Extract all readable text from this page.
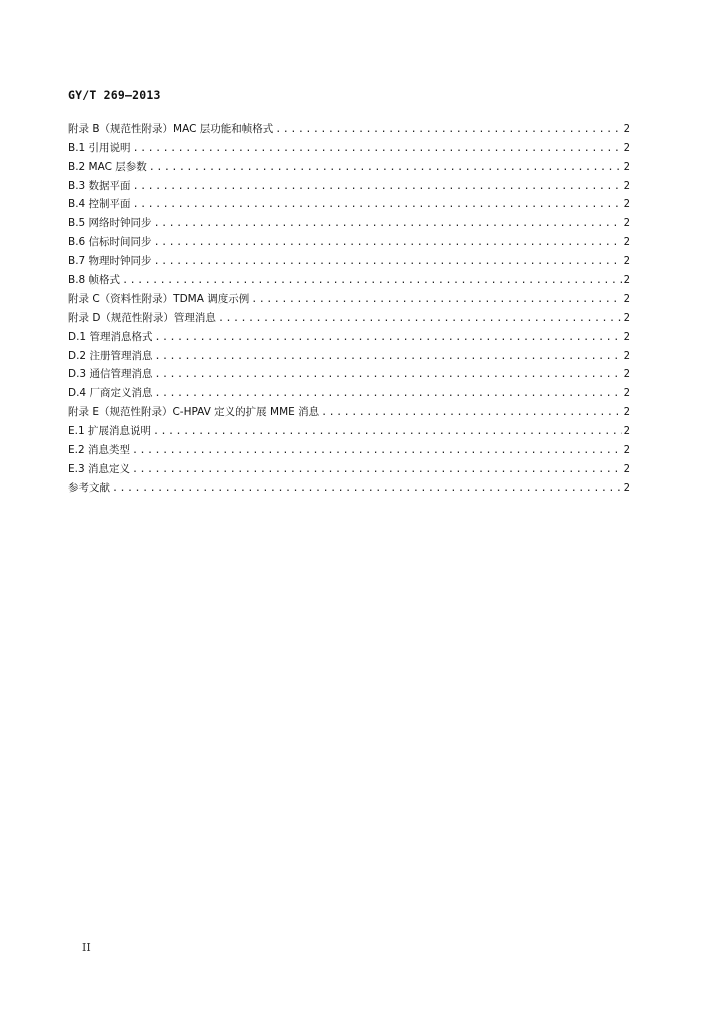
GY/T 269—2013
附录 B（规范性附录）MAC 层功能和帧格式 .....	2
B.1 引用说明 .....	2
B.2 MAC 层参数 .....	2
B.3 数据平面 .....	2
B.4 控制平面 .....	2
B.5 网络时钟同步 .....	2
B.6 信标时间同步 .....	2
B.7 物理时钟同步 .....	2
B.8 帧格式 .....	2
附录 C（资料性附录）TDMA 调度示例 .....	2
附录 D（规范性附录）管理消息 .....	2
D.1 管理消息格式 .....	2
D.2 注册管理消息 .....	2
D.3 通信管理消息 .....	2
D.4 厂商定义消息 .....	2
附录 E（规范性附录）C-HPAV 定义的扩展 MME 消息 .....	2
E.1 扩展消息说明 .....	2
E.2 消息类型 .....	2
E.3 消息定义 .....	2
参考文献 .....	2
II
